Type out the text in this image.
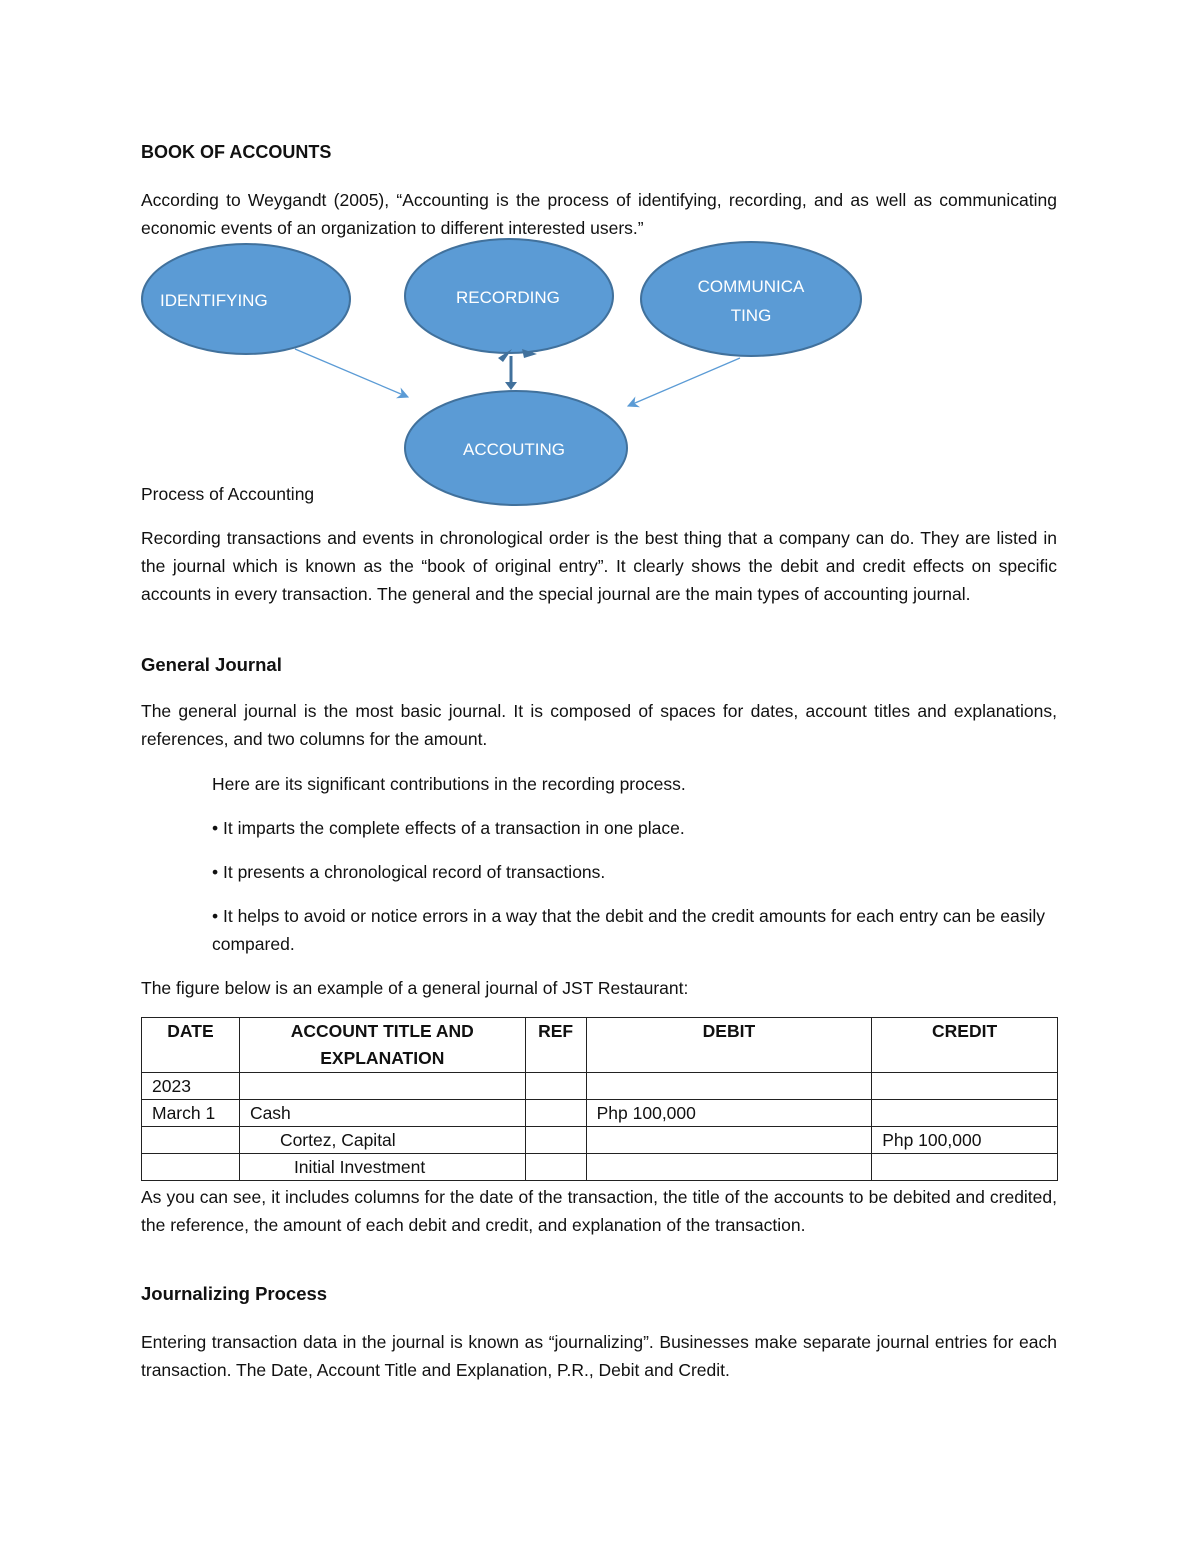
BOOK OF ACCOUNTS

According to Weygandt (2005), “Accounting is the process of identifying, recording, and as well as communicating economic events of an organization to different interested users.”

IDENTIFYING	RECORDING
COMMUNICA
TING
ACCOUTING

Process of Accounting

Recording transactions and events in chronological order is the best thing that a company can do. They are listed in the journal which is known as the “book of original entry”. It clearly shows the debit and credit effects on specific accounts in every transaction. The general and the special journal are the main types of accounting journal.

General Journal

The general journal is the most basic journal. It is composed of spaces for dates, account titles and explanations, references, and two columns for the amount.

Here are its significant contributions in the recording process.

• It imparts the complete effects of a transaction in one place.

• It presents a chronological record of transactions.

• It helps to avoid or notice errors in a way that the debit and the credit amounts for each entry can be easily compared.

The figure below is an example of a general journal of JST Restaurant:

DATE	ACCOUNT TITLE AND EXPLANATION	REF	DEBIT	CREDIT
2023				
March 1	Cash		Php 100,000	
	Cortez, Capital			Php 100,000
	Initial Investment			

As you can see, it includes columns for the date of the transaction, the title of the accounts to be debited and credited, the reference, the amount of each debit and credit, and explanation of the transaction.

Journalizing Process

Entering transaction data in the journal is known as “journalizing”. Businesses make separate journal entries for each transaction. The Date, Account Title and Explanation, P.R., Debit and Credit.
